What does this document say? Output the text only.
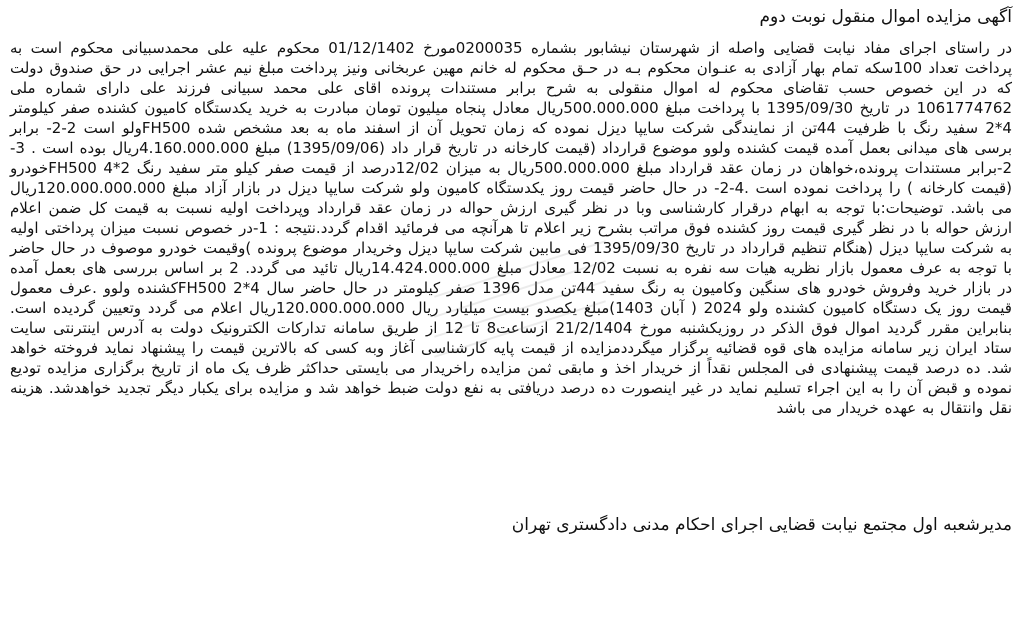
آگهی مزایده اموال منقول نوبت دوم
در راستای اجرای مفاد نیابت قضایی واصله از شهرستان نیشابور بشماره 0200035مورخ 01/12/1402 محکوم علیه علی محمدسبیانی محکوم است به پرداخت تعداد 100سکه تمام بهار آزادی به عنـوان محکوم بـه در حـق محکوم له خانم مهین عربخانی ونیز پرداخت مبلغ نیم عشر اجرایی در حق صندوق دولت که در این خصوص حسب تقاضای محکوم له اموال منقولی به شرح برابر مستندات پرونده اقای علی محمد سبیانی فرزند علی دارای شماره ملی 1061774762 در تاریخ 1395/09/30 با پرداخت مبلغ 500.000.000ریال معادل پنجاه میلیون تومان مبادرت به خرید یکدستگاه کامیون کشنده صفر کیلومتر 4*2 سفید رنگ با ظرفیت 44تن از نمایندگی شرکت سایپا دیزل نموده که زمان تحویل آن از اسفند ماه به بعد مشخص شده FH500ولو است 2-2- برابر برسی های میدانی بعمل آمده قیمت کشنده ولوو موضوع قرارداد (قیمت کارخانه در تاریخ قرار داد (1395/09/06) مبلغ 4.160.000.000ریال بوده است . 3-2-برابر مستندات پرونده،خواهان در زمان عقد قرارداد مبلغ 500.000.000ریال به میزان 12/02درصد از قیمت صفر کیلو متر سفید رنگ 2*FH500 4خودرو (قیمت کارخانه ) را پرداخت نموده است .4-2- در حال حاضر قیمت روز یکدستگاه کامیون ولو شرکت سایپا دیزل در بازار آزاد مبلغ 120.000.000.000ریال می باشد. توضیحات:با توجه به ابهام درقرار کارشناسی وبا در نظر گیری ارزش حواله در زمان عقد قرارداد وپرداخت اولیه نسبت به قیمت کل ضمن اعلام ارزش حواله با در نظر گیری قیمت روز کشنده فوق مراتب بشرح زیر اعلام تا هرآنچه می فرمائید اقدام گردد.نتیجه : 1-در خصوص نسبت میزان پرداختی اولیه به شرکت سایپا دیزل (هنگام تنظیم قرارداد در تاریخ 1395/09/30 فی مابین شرکت سایپا دیزل وخریدار موضوع پرونده )وقیمت خودرو موصوف در حال حاضر با توجه به عرف معمول بازار نظریه هیات سه نفره به نسبت 12/02 معادل مبلغ 14.424.000.000ریال تائید می گردد. 2 بر اساس بررسی های بعمل آمده در بازار خرید وفروش خودرو های سنگین وکامیون به رنگ سفید 44تن مدل 1396 صفر کیلومتر در حال حاضر سال 4*2 FH500کشنده ولوو .عرف معمول قیمت روز یک دستگاه کامیون کشنده ولو 2024 ( آبان 1403)مبلغ یکصدو بیست میلیارد ریال 120.000.000.000ریال اعلام می گردد وتعیین گردیده است. بنابراین مقرر گردید اموال فوق الذکر در روزیکشنبه مورخ 21/2/1404 ازساعت8 تا 12 از طریق سامانه تدارکات الکترونیک دولت به آدرس اینترنتی سایت ستاد ایران زیر سامانه مزایده های قوه قضائیه برگزار میگرددمزایده از قیمت پایه کارشناسی آغاز وبه کسی که بالاترین قیمت را پیشنهاد نماید فروخته خواهد شد. ده درصد قیمت پیشنهادی فی المجلس نقداً از خریدار اخذ و مابقی ثمن مزایده راخریدار می بایستی حداکثر ظرف یک ماه از تاریخ برگزاری مزایده تودیع نموده و قبض آن را به این اجراء تسلیم نماید در غیر اینصورت ده درصد دریافتی به نفع دولت ضبط خواهد شد و مزایده برای یکبار دیگر تجدید خواهدشد. هزینه نقل وانتقال به عهده خریدار می باشد
مدیرشعبه اول مجتمع نیابت قضایی اجرای احکام مدنی دادگستری تهران
